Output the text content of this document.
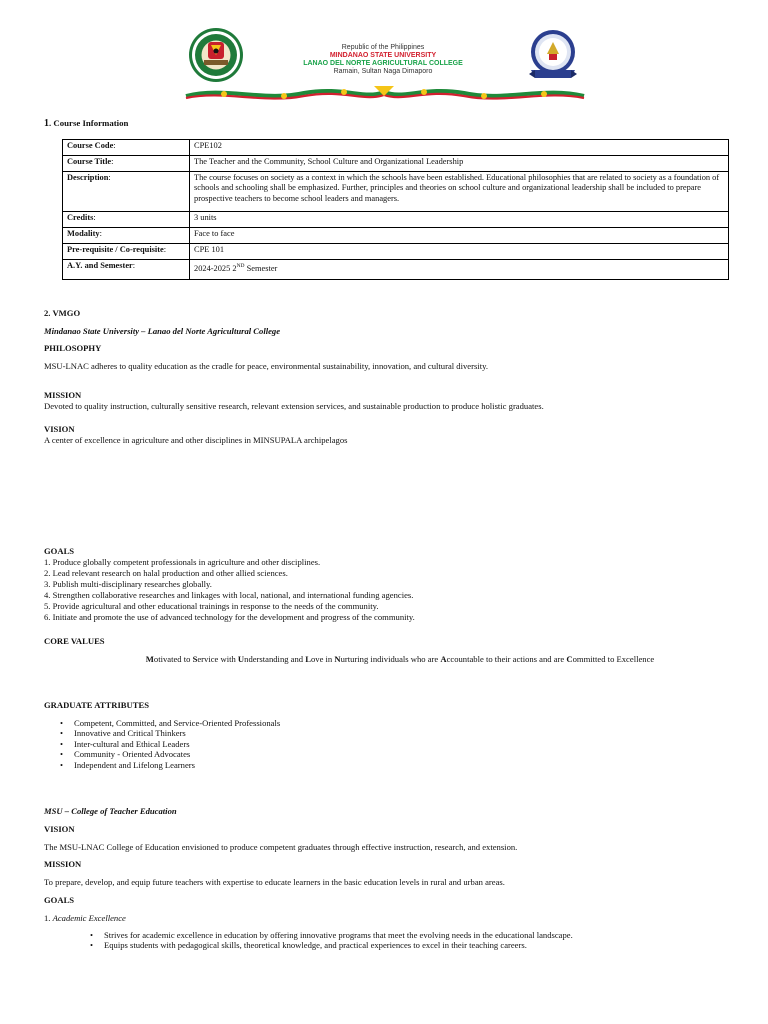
Republic of the Philippines
MINDANAO STATE UNIVERSITY
LANAO DEL NORTE AGRICULTURAL COLLEGE
Ramain, Sultan Naga Dimaporo
1. Course Information
Course Code:	CPE102
Course Title:	The Teacher and the Community, School Culture and Organizational Leadership
Description:	The course focuses on society as a context in which the schools have been established. Educational philosophies that are related to society as a foundation of schools and schooling shall be emphasized. Further, principles and theories on school culture and organizational leadership shall be included to prepare prospective teachers to become school leaders and managers.
Credits:	3 units
Modality:	Face to face
Pre-requisite / Co-requisite:	CPE 101
A.Y. and Semester:	2024-2025 2ND Semester
2. VMGO
Mindanao State University – Lanao del Norte Agricultural College
PHILOSOPHY
MSU-LNAC adheres to quality education as the cradle for peace, environmental sustainability, innovation, and cultural diversity.
MISSION
Devoted to quality instruction, culturally sensitive research, relevant extension services, and sustainable production to produce holistic graduates.
VISION
A center of excellence in agriculture and other disciplines in MINSUPALA archipelagos
GOALS
1. Produce globally competent professionals in agriculture and other disciplines.
2. Lead relevant research on halal production and other allied sciences.
3. Publish multi-disciplinary researches globally.
4. Strengthen collaborative researches and linkages with local, national, and international funding agencies.
5. Provide agricultural and other educational trainings in response to the needs of the community.
6. Initiate and promote the use of advanced technology for the development and progress of the community.
CORE VALUES
Motivated to Service with Understanding and Love in Nurturing individuals who are Accountable to their actions and are Committed to Excellence
GRADUATE ATTRIBUTES
• Competent, Committed, and Service-Oriented Professionals
• Innovative and Critical Thinkers
• Inter-cultural and Ethical Leaders
• Community - Oriented Advocates
• Independent and Lifelong Learners
MSU – College of Teacher Education
VISION
The MSU-LNAC College of Education envisioned to produce competent graduates through effective instruction, research, and extension.
MISSION
To prepare, develop, and equip future teachers with expertise to educate learners in the basic education levels in rural and urban areas.
GOALS
1. Academic Excellence
• Strives for academic excellence in education by offering innovative programs that meet the evolving needs in the educational landscape.
• Equips students with pedagogical skills, theoretical knowledge, and practical experiences to excel in their teaching careers.
